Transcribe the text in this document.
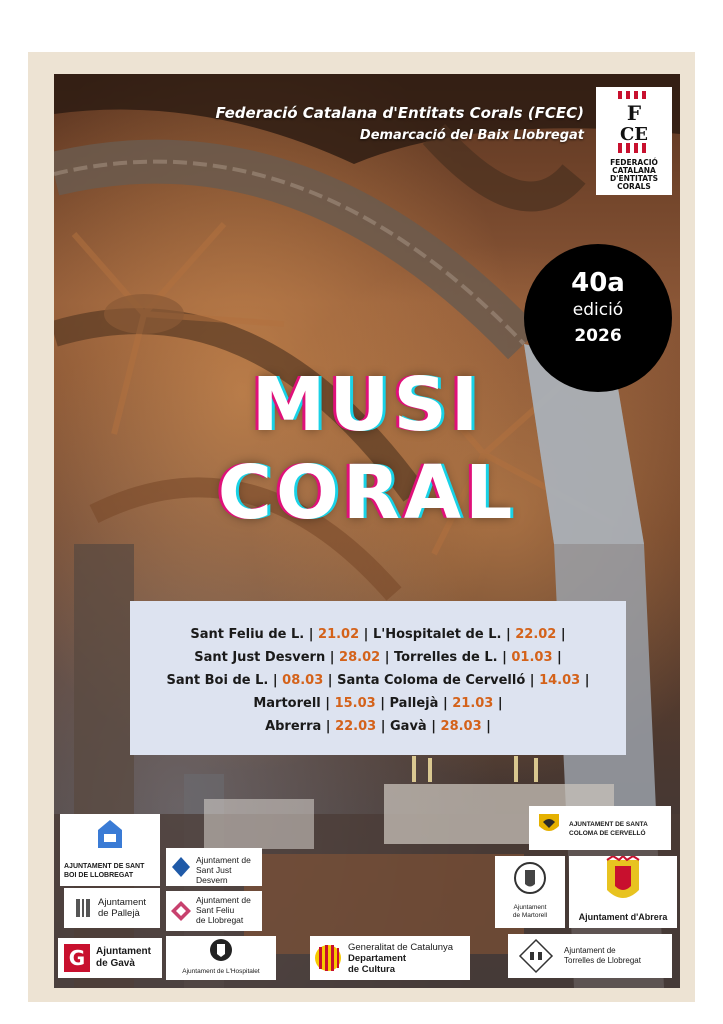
Federació Catalana d'Entitats Corals (FCEC)
Demarcació del Baix Llobregat
F
CE
FEDERACIÓ CATALANA D'ENTITATS CORALS
40a
edició
2026
MUSI
CORAL
Sant Feliu de L. | 21.02 | L'Hospitalet de L. | 22.02 |
Sant Just Desvern | 28.02 | Torrelles de L. | 01.03 |
Sant Boi de L. | 08.03 | Santa Coloma de Cervelló | 14.03 |
Martorell | 15.03 | Pallejà | 21.03 |
Abrerra | 22.03 | Gavà | 28.03 |
AJUNTAMENT DE SANT BOI DE LLOBREGAT
Ajuntament de
Sant Just Desvern
AJUNTAMENT DE SANTA
COLOMA DE CERVELLÓ
Ajuntament
de Pallejà
Ajuntament de
Sant Feliu
de Llobregat
Ajuntament
de Martorell	Ajuntament d'Abrera
G	Ajuntament
de Gavà
Ajuntament de L'Hospitalet
Generalitat de Catalunya
Departament
de Cultura
Ajuntament de
Torrelles de Llobregat
